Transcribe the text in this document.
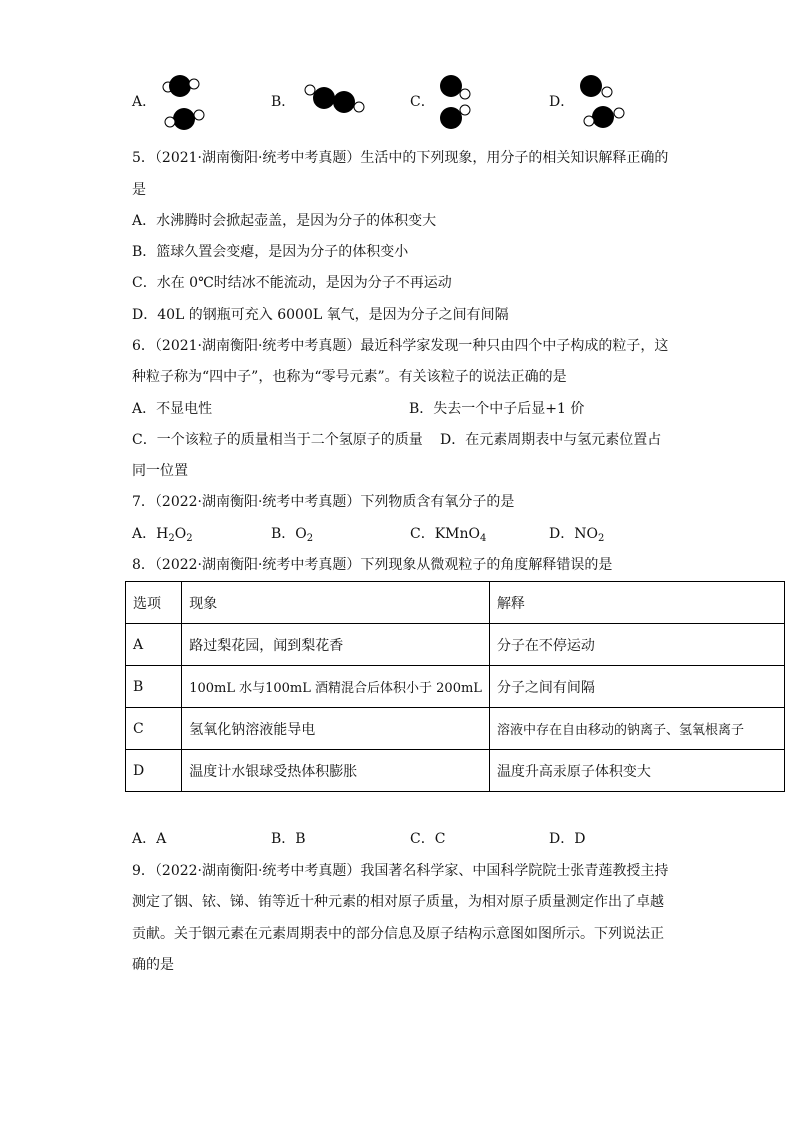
A．	B．	C．	D．
5．（2021·湖南衡阳·统考中考真题）生活中的下列现象，用分子的相关知识解释正确的
是
A．水沸腾时会掀起壶盖，是因为分子的体积变大
B．篮球久置会变瘪，是因为分子的体积变小
C．水在 0℃时结冰不能流动，是因为分子不再运动
D．40L 的钢瓶可充入 6000L 氧气，是因为分子之间有间隔
6．（2021·湖南衡阳·统考中考真题）最近科学家发现一种只由四个中子构成的粒子，这
种粒子称为“四中子”，也称为“零号元素”。有关该粒子的说法正确的是
A．不显电性	B．失去一个中子后显+1 价
C．一个该粒子的质量相当于二个氢原子的质量 D．在元素周期表中与氢元素位置占
同一位置
7．（2022·湖南衡阳·统考中考真题）下列物质含有氧分子的是
A．$H_2O_2$	B．$O_2$	C．KMnO$_4$	D．$NO_2$
8．（2022·湖南衡阳·统考中考真题）下列现象从微观粒子的角度解释错误的是
选项	现象	解释
A	路过梨花园，闻到梨花香	分子在不停运动
B	100mL 水与100mL 酒精混合后体积小于 200mL	分子之间有间隔
C	氢氧化钠溶液能导电	溶液中存在自由移动的钠离子、氢氧根离子
D	温度计水银球受热体积膨胀	温度升高汞原子体积变大
A．A	B．B	C．C	D．D
9．（2022·湖南衡阳·统考中考真题）我国著名科学家、中国科学院院士张青莲教授主持
测定了铟、铱、锑、铕等近十种元素的相对原子质量，为相对原子质量测定作出了卓越
贡献。关于铟元素在元素周期表中的部分信息及原子结构示意图如图所示。下列说法正
确的是
